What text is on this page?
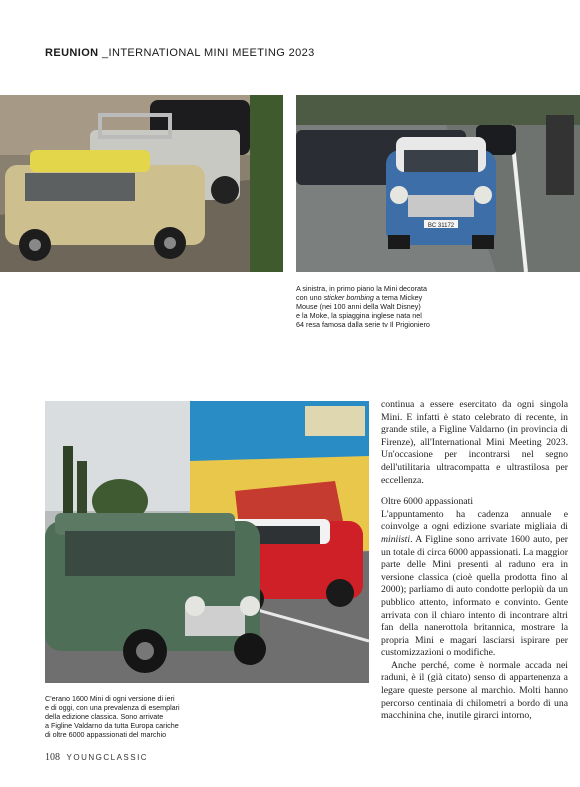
REUNION _INTERNATIONAL MINI MEETING 2023
BC 31172
A sinistra, in primo piano la Mini decorata
con uno sticker bombing a tema Mickey
Mouse (nei 100 anni della Walt Disney)
e la Moke, la spiaggina inglese nata nel
64 resa famosa dalla serie tv Il Prigioniero
C'erano 1600 Mini di ogni versione di ieri
e di oggi, con una prevalenza di esemplari
della edizione classica. Sono arrivate
a Figline Valdarno da tutta Europa cariche
di oltre 6000 appassionati del marchio

continua a essere esercitato da ogni singola Mini. E infatti è stato celebrato di recente, in grande stile, a Figline Valdarno (in provincia di Firenze), all'International Mini Meeting 2023. Un'occasione per incontrarsi nel segno dell'utilitaria ultracompatta e ultrastilosa per eccellenza.

Oltre 6000 appassionati

L'appuntamento ha cadenza annuale e coinvolge a ogni edizione svariate migliaia di miniisti. A Figline sono arrivate 1600 auto, per un totale di circa 6000 appassionati. La maggior parte delle Mini presenti al raduno era in versione classica (cioè quella prodotta fino al 2000); parliamo di auto condotte perlopiù da un pubblico attento, informato e convinto. Gente arrivata con il chiaro intento di incontrare altri fan della nanerottola britannica, mostrare la propria Mini e magari lasciarsi ispirare per customizzazioni o modifiche.

Anche perché, come è normale accada nei raduni, è il (già citato) senso di appartenenza a legare queste persone al marchio. Molti hanno percorso centinaia di chilometri a bordo di una macchinina che, inutile girarci intorno,

108 YOUNGCLASSIC
